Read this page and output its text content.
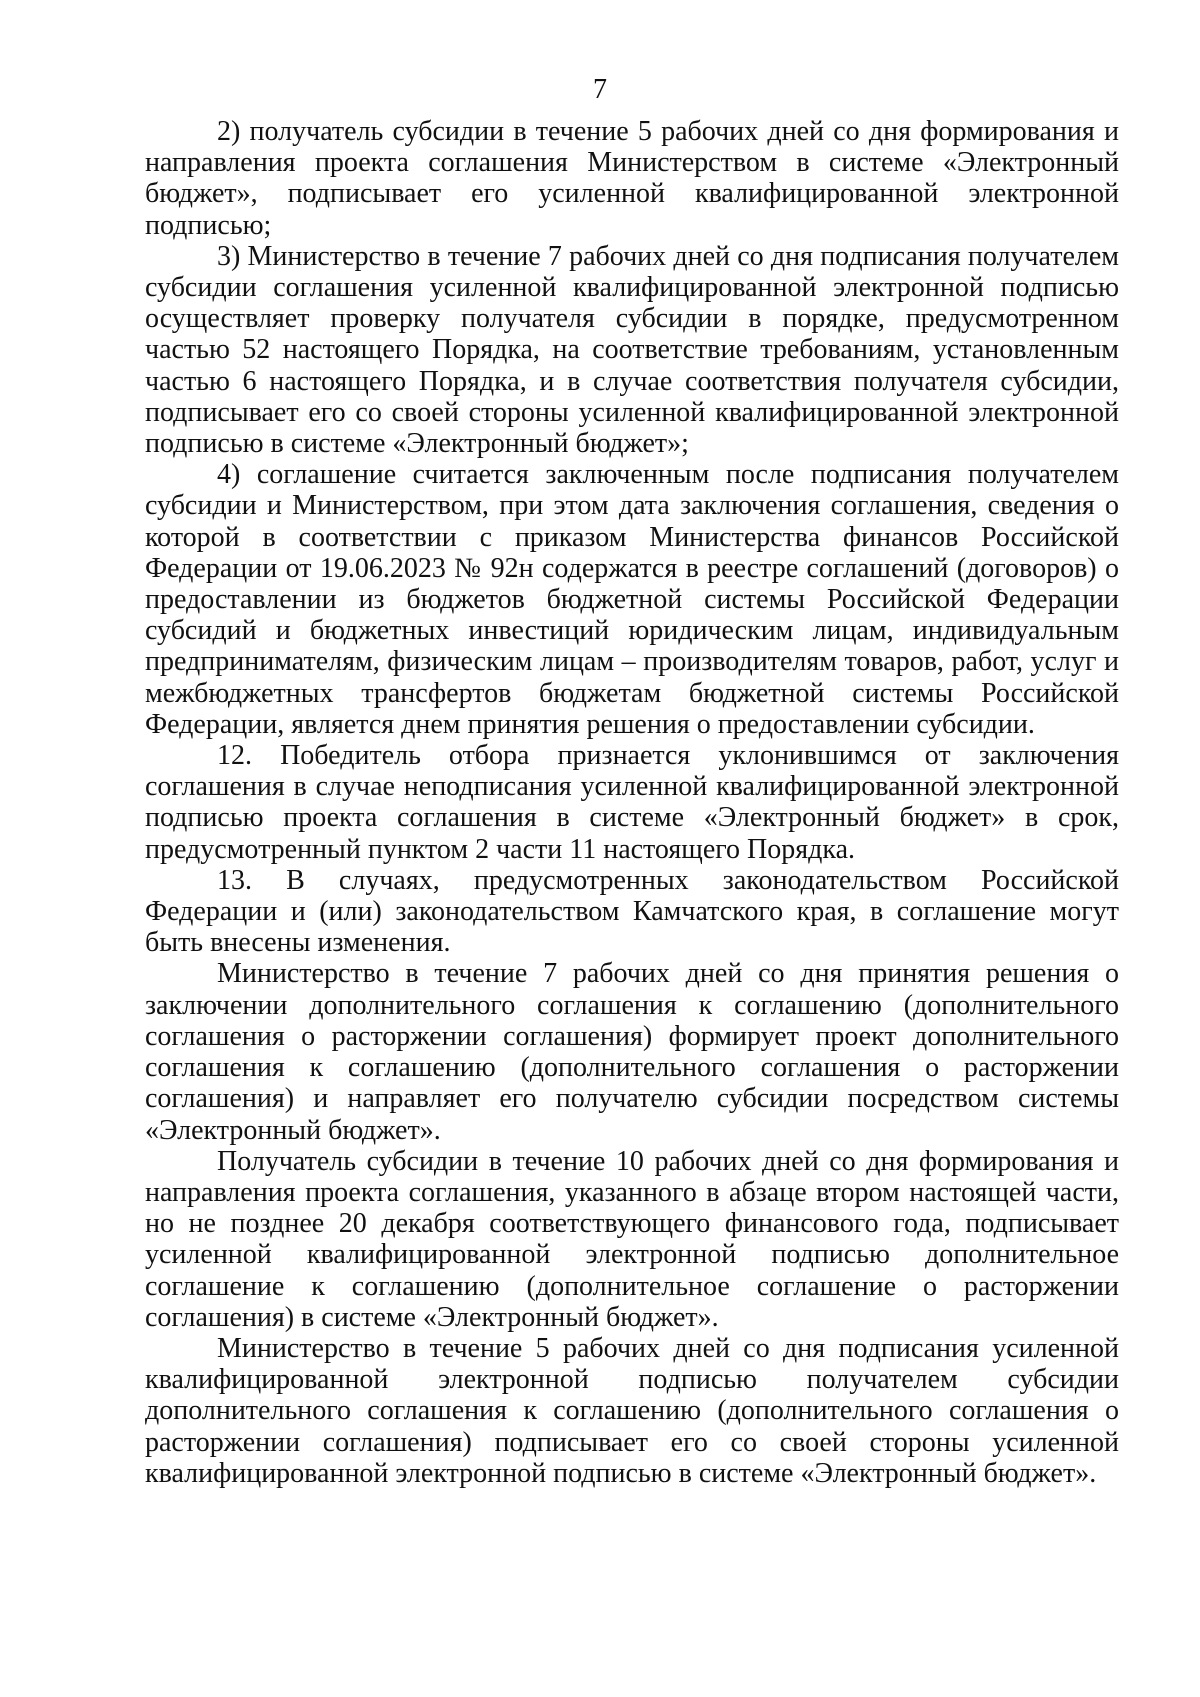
7

2) получатель субсидии в течение 5 рабочих дней со дня формирования и направления проекта соглашения Министерством в системе «Электронный бюджет», подписывает его усиленной квалифицированной электронной подписью;

3) Министерство в течение 7 рабочих дней со дня подписания получателем субсидии соглашения усиленной квалифицированной электронной подписью осуществляет проверку получателя субсидии в порядке, предусмотренном частью 52 настоящего Порядка, на соответствие требованиям, установленным частью 6 настоящего Порядка, и в случае соответствия получателя субсидии, подписывает его со своей стороны усиленной квалифицированной электронной подписью в системе «Электронный бюджет»;

4) соглашение считается заключенным после подписания получателем субсидии и Министерством, при этом дата заключения соглашения, сведения о которой в соответствии с приказом Министерства финансов Российской Федерации от 19.06.2023 № 92н содержатся в реестре соглашений (договоров) о предоставлении из бюджетов бюджетной системы Российской Федерации субсидий и бюджетных инвестиций юридическим лицам, индивидуальным предпринимателям, физическим лицам – производителям товаров, работ, услуг и межбюджетных трансфертов бюджетам бюджетной системы Российской Федерации, является днем принятия решения о предоставлении субсидии.

12. Победитель отбора признается уклонившимся от заключения соглашения в случае неподписания усиленной квалифицированной электронной подписью проекта соглашения в системе «Электронный бюджет» в срок, предусмотренный пунктом 2 части 11 настоящего Порядка.

13. В случаях, предусмотренных законодательством Российской Федерации и (или) законодательством Камчатского края, в соглашение могут быть внесены изменения.

Министерство в течение 7 рабочих дней со дня принятия решения о заключении дополнительного соглашения к соглашению (дополнительного соглашения о расторжении соглашения) формирует проект дополнительного соглашения к соглашению (дополнительного соглашения о расторжении соглашения) и направляет его получателю субсидии посредством системы «Электронный бюджет».

Получатель субсидии в течение 10 рабочих дней со дня формирования и направления проекта соглашения, указанного в абзаце втором настоящей части, но не позднее 20 декабря соответствующего финансового года, подписывает усиленной квалифицированной электронной подписью дополнительное соглашение к соглашению (дополнительное соглашение о расторжении соглашения) в системе «Электронный бюджет».

Министерство в течение 5 рабочих дней со дня подписания усиленной квалифицированной электронной подписью получателем субсидии дополнительного соглашения к соглашению (дополнительного соглашения о расторжении соглашения) подписывает его со своей стороны усиленной квалифицированной электронной подписью в системе «Электронный бюджет».
